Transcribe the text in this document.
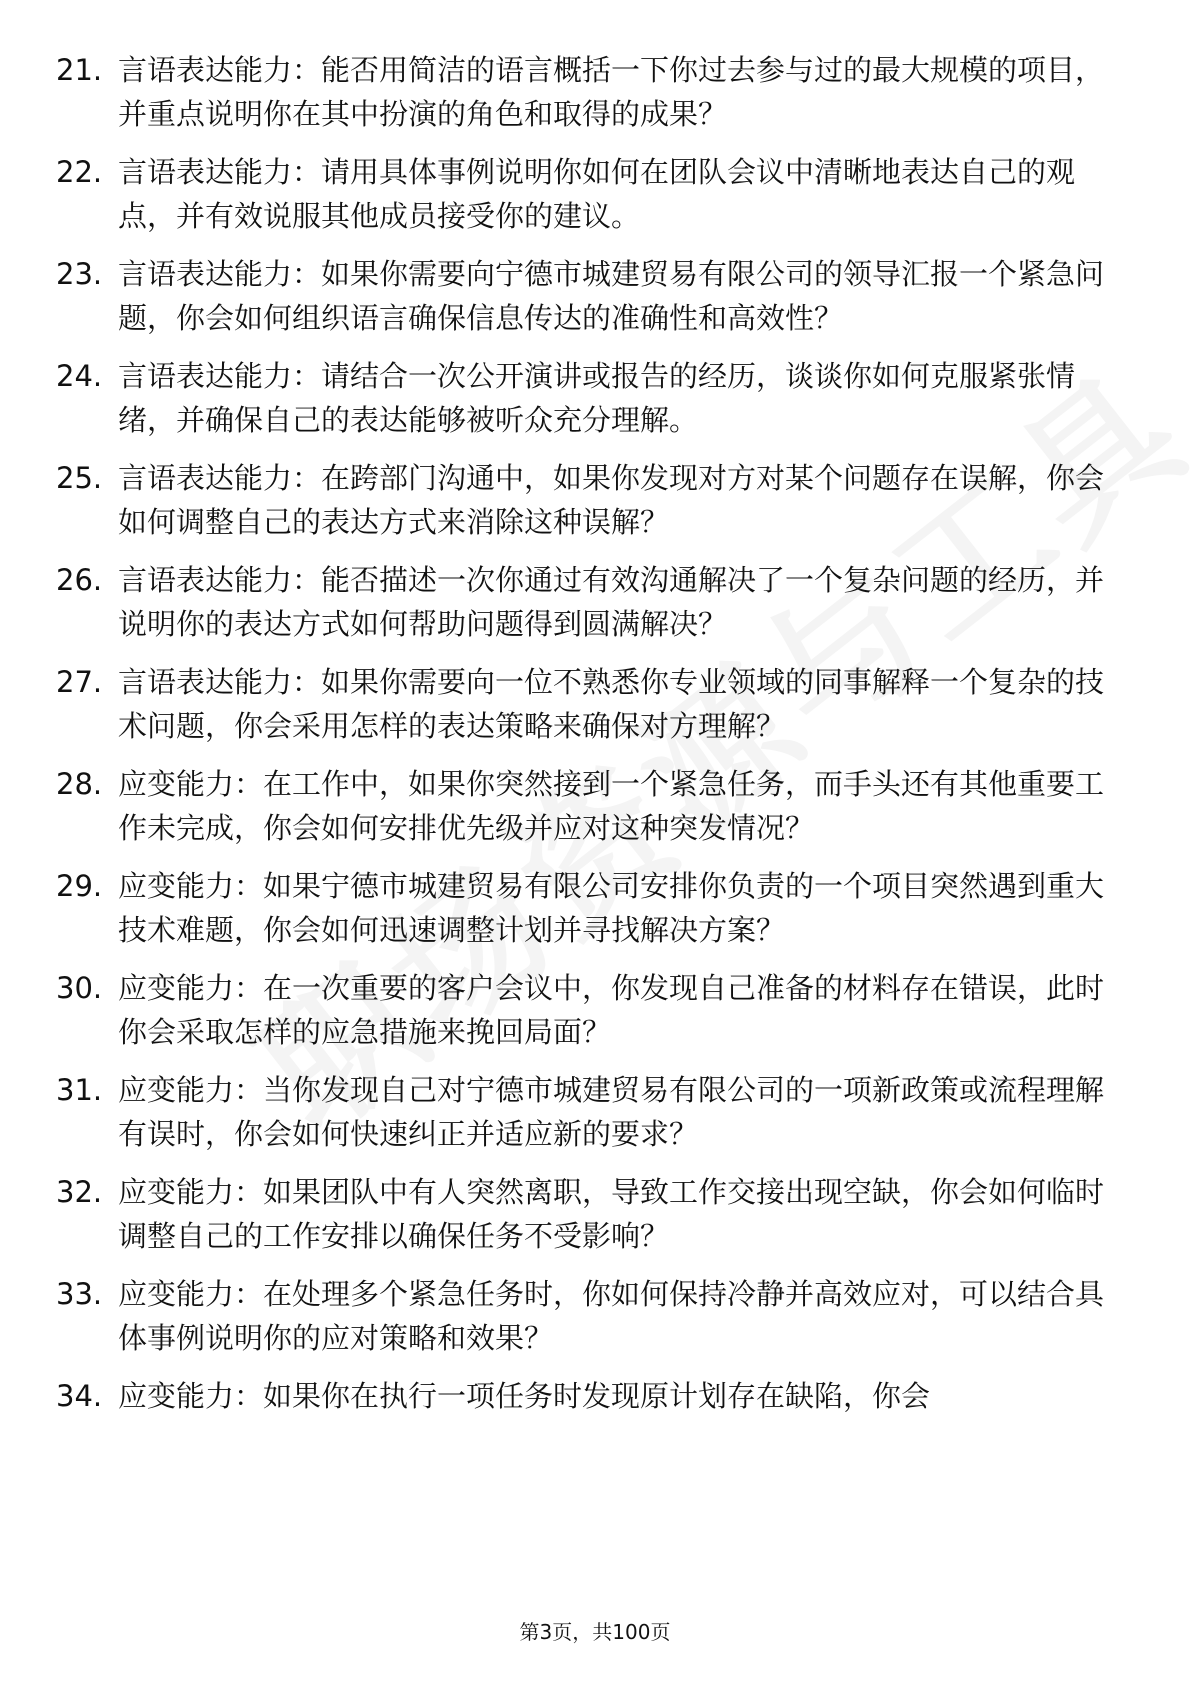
21. 言语表达能力：能否用简洁的语言概括一下你过去参与过的最大规模的项目，并重点说明你在其中扮演的角色和取得的成果？
22. 言语表达能力：请用具体事例说明你如何在团队会议中清晰地表达自己的观点，并有效说服其他成员接受你的建议。
23. 言语表达能力：如果你需要向宁德市城建贸易有限公司的领导汇报一个紧急问题，你会如何组织语言确保信息传达的准确性和高效性？
24. 言语表达能力：请结合一次公开演讲或报告的经历，谈谈你如何克服紧张情绪，并确保自己的表达能够被听众充分理解。
25. 言语表达能力：在跨部门沟通中，如果你发现对方对某个问题存在误解，你会如何调整自己的表达方式来消除这种误解？
26. 言语表达能力：能否描述一次你通过有效沟通解决了一个复杂问题的经历，并说明你的表达方式如何帮助问题得到圆满解决？
27. 言语表达能力：如果你需要向一位不熟悉你专业领域的同事解释一个复杂的技术问题，你会采用怎样的表达策略来确保对方理解？
28. 应变能力：在工作中，如果你突然接到一个紧急任务，而手头还有其他重要工作未完成，你会如何安排优先级并应对这种突发情况？
29. 应变能力：如果宁德市城建贸易有限公司安排你负责的一个项目突然遇到重大技术难题，你会如何迅速调整计划并寻找解决方案？
30. 应变能力：在一次重要的客户会议中，你发现自己准备的材料存在错误，此时你会采取怎样的应急措施来挽回局面？
31. 应变能力：当你发现自己对宁德市城建贸易有限公司的一项新政策或流程理解有误时，你会如何快速纠正并适应新的要求？
32. 应变能力：如果团队中有人突然离职，导致工作交接出现空缺，你会如何临时调整自己的工作安排以确保任务不受影响？
33. 应变能力：在处理多个紧急任务时，你如何保持冷静并高效应对，可以结合具体事例说明你的应对策略和效果？
34. 应变能力：如果你在执行一项任务时发现原计划存在缺陷，你会
第3页，共100页
